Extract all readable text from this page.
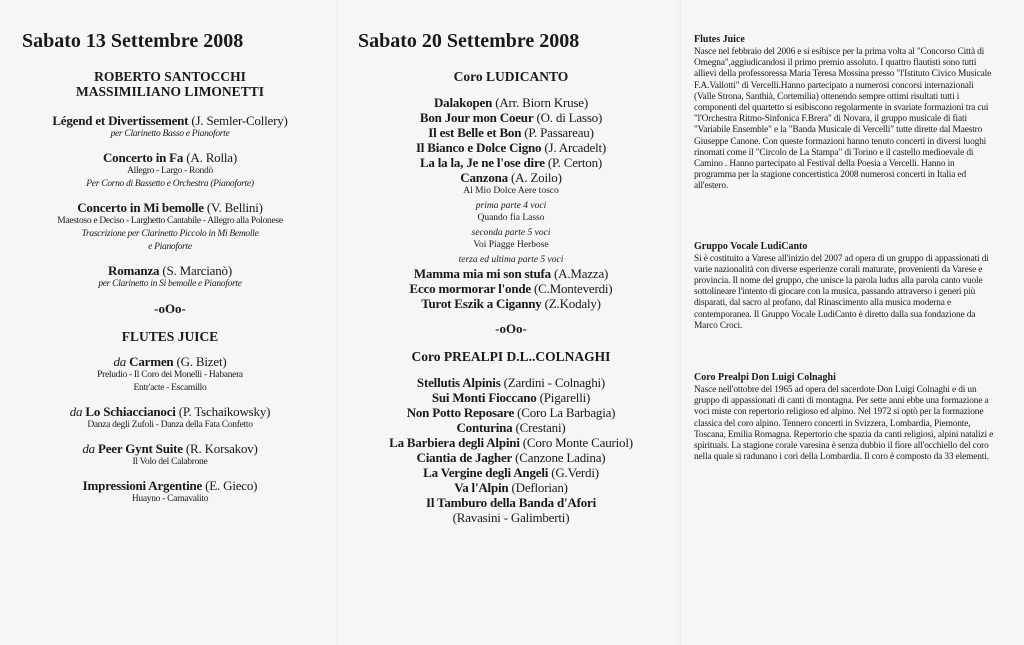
Sabato 13 Settembre 2008
ROBERTO SANTOCCHI
MASSIMILIANO LIMONETTI
Légend et Divertissement (J. Semler-Collery)
per Clarinetto Basso e Pianoforte
Concerto in Fa (A. Rolla)
Allegro - Largo - Rondò
Per Corno di Bassetto e Orchestra (Pianoforte)
Concerto in Mi bemolle (V. Bellini)
Maestoso e Deciso - Larghetto Cantabile - Allegro alla Polonese
Trascrizione per Clarinetto Piccolo in Mi Bemolle
e Pianoforte
Romanza (S. Marcianò)
per Clarinetto in Si bemolle e Pianoforte
-oOo-
FLUTES JUICE
da Carmen (G. Bizet)
Preludio - Il Coro dei Monelli - Habanera
Entr'acte - Escamillo
da Lo Schiaccianoci (P. Tschaikowsky)
Danza degli Zufoli - Danza della Fata Confetto
da Peer Gynt Suite (R. Korsakov)
Il Volo del Calabrone
Impressioni Argentine (E. Gieco)
Huayno - Carnavalito
Sabato 20 Settembre 2008
Coro LUDICANTO
Dalakopen (Arr. Biorn Kruse)
Bon Jour mon Coeur (O. di Lasso)
Il est Belle et Bon (P. Passareau)
Il Bianco e Dolce Cigno (J. Arcadelt)
La la la, Je ne l'ose dire (P. Certon)
Canzona (A. Zoilo)
Al Mio Dolce Aere tosco
prima parte 4 voci
Quando fia Lasso
seconda parte 5 voci
Voi Piagge Herbose
terza ed ultima parte 5 voci
Mamma mia mi son stufa (A.Mazza)
Ecco mormorar l'onde (C.Monteverdi)
Turot Eszik a Ciganny (Z.Kodaly)
-oOo-
Coro PREALPI D.L..COLNAGHI
Stellutis Alpinis (Zardini - Colnaghi)
Sui Monti Fioccano (Pigarelli)
Non Potto Reposare (Coro La Barbagia)
Conturina (Crestani)
La Barbiera degli Alpini (Coro Monte Cauriol)
Ciantia de Jagher (Canzone Ladina)
La Vergine degli Angeli (G.Verdi)
Va l'Alpin (Deflorian)
Il Tamburo della Banda d'Afori
(Ravasini - Galimberti)
Flutes Juice

Nasce nel febbraio del 2006 e si esibisce per la prima volta al "Concorso Città di Omegna",aggiudicandosi il primo premio assoluto. I quattro flautisti sono tutti allievi della professoressa Maria Teresa Mossina presso "l'Istituto Civico Musicale F.A.Vallotti" di Vercelli.Hanno partecipato a numerosi concorsi internazionali (Valle Strona, Santhià, Cortemilia) ottenendo sempre ottimi risultati tutti i componenti del quartetto si esibiscono regolarmente in svariate formazioni tra cui "l'Orchestra Ritmo-Sinfonica F.Brera" di Novara, il gruppo musicale di fiati "Variabile Ensemble" e la "Banda Musicale di Vercelli" tutte dirette dal Maestro Giuseppe Canone. Con queste formazioni hanno tenuto concerti in diversi luoghi rinomati come il "Circolo de La Stampa" di Torino e il castello medioevale di Camino . Hanno partecipato al Festival della Poesia a Vercelli. Hanno in programma per la stagione concertistica 2008 numerosi concerti in Italia ed all'estero.

Gruppo Vocale LudiCanto

Si è costituito a Varese all'inizio del 2007 ad opera di un gruppo di appassionati di varie nazionalità con diverse esperienze corali maturate, provenienti da Varese e provincia. Il nome del gruppo, che unisce la parola ludus alla parola canto vuole sottolineare l'intento di giocare con la musica, passando attraverso i generi più disparati, dal sacro al profano, dal Rinascimento alla musica moderna e contemporanea. Il Gruppo Vocale LudiCanto è diretto dalla sua fondazione da Marco Croci.

Coro Prealpi Don Luigi Colnaghi

Nasce nell'ottobre del 1965 ad opera del sacerdote Don Luigi Colnaghi e di un gruppo di appassionati di canti di montagna. Per sette anni ebbe una formazione a voci miste con repertorio religioso ed alpino. Nel 1972 si optò per la formazione classica del coro alpino. Tennero concerti in Svizzera, Lombardia, Piemonte, Toscana, Emilia Romagna. Repertorio che spazia da canti religiosi, alpini natalizi e spirituals. La stagione corale varesina è senza dubbio il fiore all'occhiello del coro nella quale si radunano i cori della Lombardia. Il coro è composto da 33 elementi.
